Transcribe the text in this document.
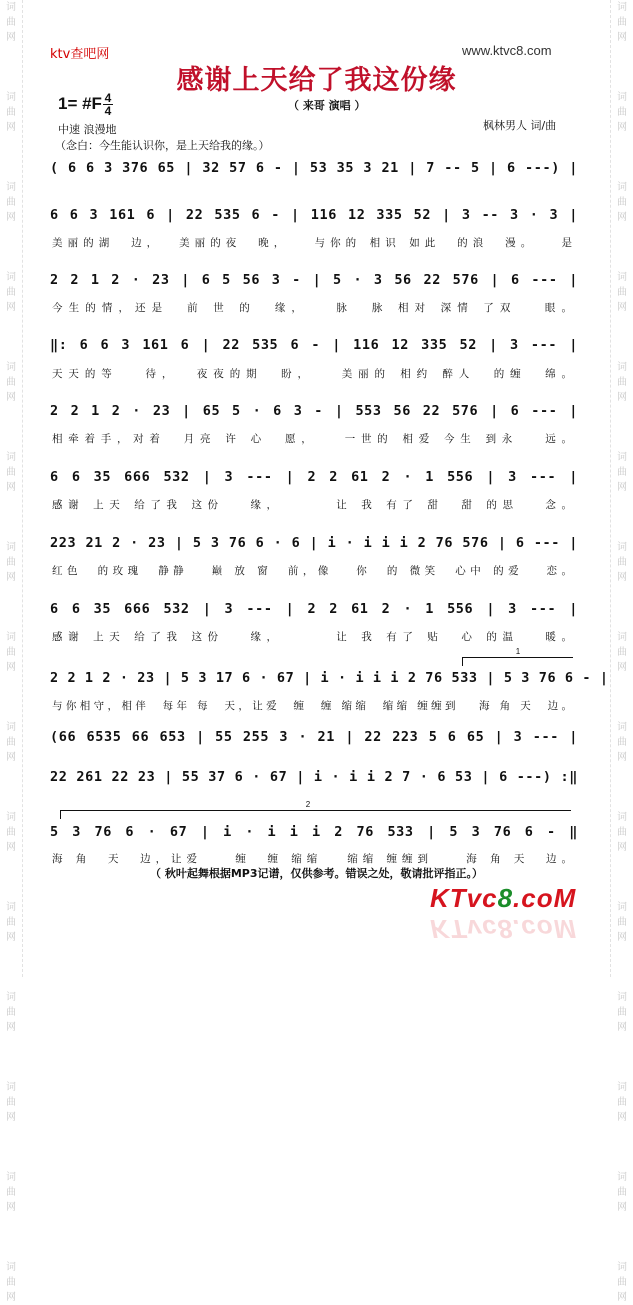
词
曲
网

词
曲
网

词
曲
网

词
曲
网

词
曲
网

词
曲
网

词
曲
网

词
曲
网

词
曲
网

词
曲
网

词
曲
网

词
曲
网

词
曲
网

词
曲
网

词
曲
网
词
曲
网

词
曲
网

词
曲
网

词
曲
网

词
曲
网

词
曲
网

词
曲
网

词
曲
网

词
曲
网

词
曲
网

词
曲
网

词
曲
网

词
曲
网

词
曲
网

词
曲
网
ktv查吧网	www.ktvc8.com
感谢上天给了我这份缘
（ 来哥 演唱 ）
1= #F 4
4
枫林男人 词/曲
中速 浪漫地
（念白：今生能认识你，是上天给我的缘。）
( 6 6 3 376 65 | 32 57 6 - | 53 35 3 21 | 7 -- 5 | 6 ---) |
6 6 3 161 6 | 22 535 6 - | 116 12 335 52 | 3 -- 3 · 3 |
美丽的湖  边，  美丽的夜  晚，   与你的 相识 如此  的浪  漫。   是
2 2 1 2 · 23 | 6 5 56 3 - | 5 · 3 56 22 576 | 6 --- |
今生的情，还是  前 世 的  缘，   脉  脉 相对 深情 了双   眼。
‖: 6 6 3 161 6 | 22 535 6 - | 116 12 335 52 | 3 --- |
天天的等   待，  夜夜的期  盼，   美丽的 相约 醉人  的缠  绵。
2 2 1 2 · 23 | 65 5 · 6 3 - | 553 56 22 576 | 6 --- |
相牵着手，对着  月亮 许 心  愿，   一世的 相爱 今生 到永   远。
6 6 35 666 532 | 3 --- | 2 2 61 2 · 1 556 | 3 --- |
感谢 上天 给了我 这份   缘，      让 我 有了 甜  甜 的思   念。
223 21 2 · 23 | 5 3 76 6 · 6 | i · i i i 2 76 576 | 6 --- |
红色  的玫瑰  静静   巅 放 窗  前，像   你  的 微笑  心中 的爱   恋。
6 6 35 666 532 | 3 --- | 2 2 61 2 · 1 556 | 3 --- |
感谢 上天 给了我 这份   缘，      让 我 有了 贴  心 的温   暖。
1
2 2 1 2 · 23 | 5 3 17 6 · 67 | i · i i i 2 76 533 | 5 3 76 6 - |
与你相守，相伴  每年 每  天，让爱  缠  缠 缩缩  缩缩 缠缠到   海 角 天  边。
(66 6535 66 653 | 55 255 3 · 21 | 22 223 5 6 65 | 3 --- |
22 261 22 23 | 55 37 6 · 67 | i · i i 2 7 · 6 53 | 6 ---) :‖
2
5 3 76 6 · 67 | i · i i i 2 76 533 | 5 3 76 6 - ‖
海 角  天  边，让爱    缠  缠 缩缩   缩缩 缠缠到    海 角 天  边。
（ 秋叶起舞根据MP3记谱，仅供参考。错误之处，敬请批评指正。）
KTvc8.coM
KTvc8.coM
